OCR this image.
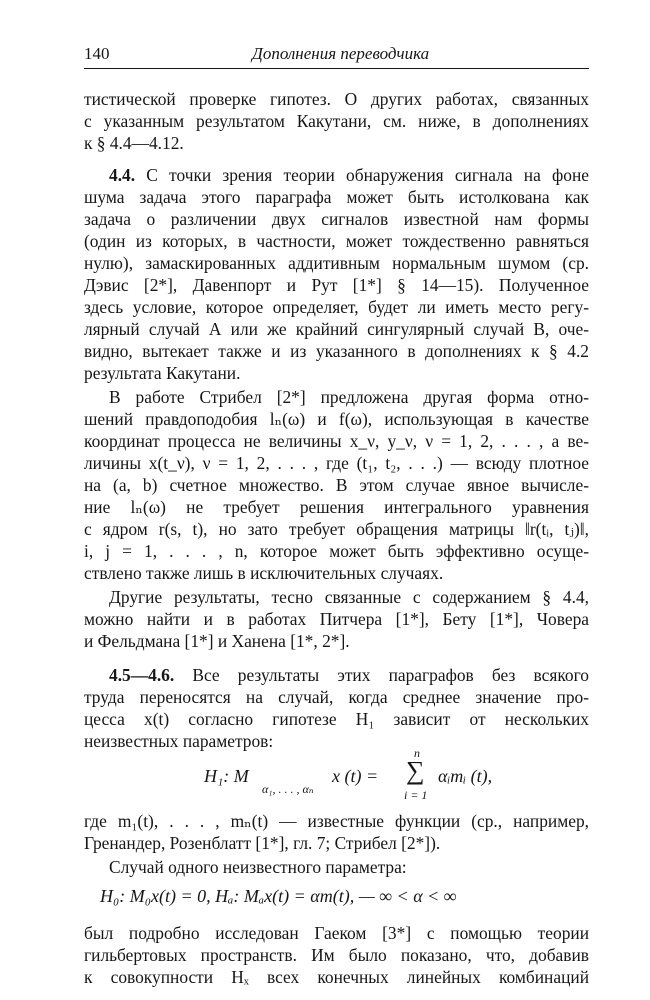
140	Дополнения переводчика
тистической проверке гипотез. О других работах, связанных
с указанным результатом Какутани, см. ниже, в дополнениях
к § 4.4—4.12.
4.4. С точки зрения теории обнаружения сигнала на фоне
шума задача этого параграфа может быть истолкована как
задача о различении двух сигналов известной нам формы
(один из которых, в частности, может тождественно равняться
нулю), замаскированных аддитивным нормальным шумом (ср.
Дэвис [2*], Давенпорт и Рут [1*] § 14—15). Полученное
здесь условие, которое определяет, будет ли иметь место регу-
лярный случай А или же крайний сингулярный случай В, оче-
видно, вытекает также и из указанного в дополнениях к § 4.2
результата Какутани.
В работе Стрибел [2*] предложена другая форма отно-
шений правдоподобия lₙ(ω) и f(ω), использующая в качестве
координат процесса не величины x_ν, y_ν, ν = 1, 2, . . . , а ве-
личины x(t_ν), ν = 1, 2, . . . , где (t₁, t₂, . . .) — всюду плотное
на (a, b) счетное множество. В этом случае явное вычисле-
ние lₙ(ω) не требует решения интегрального уравнения
с ядром r(s, t), но зато требует обращения матрицы ‖r(tᵢ, tⱼ)‖,
i, j = 1, . . . , n, которое может быть эффективно осуще-
ствлено также лишь в исключительных случаях.
Другие результаты, тесно связанные с содержанием § 4.4,
можно найти и в работах Питчера [1*], Бету [1*], Човера
и Фельдмана [1*] и Ханена [1*, 2*].
4.5—4.6. Все результаты этих параграфов без всякого
труда переносятся на случай, когда среднее значение про-
цесса x(t) согласно гипотезе H₁ зависит от нескольких
неизвестных параметров:
H₁: M
α₁, . . . , αₙ
x (t) =
n
∑
i = 1
αᵢmᵢ (t),
где m₁(t), . . . , mₙ(t) — известные функции (ср., например,
Гренандер, Розенблатт [1*], гл. 7; Стрибел [2*]).
Случай одного неизвестного параметра:
H₀: M₀x(t) = 0, Hₐ: Mₐx(t) = αm(t), — ∞ < α < ∞
был подробно исследован Гаеком [3*] с помощью теории
гильбертовых пространств. Им было показано, что, добавив
к совокупности Hₓ всех конечных линейных комбинаций
